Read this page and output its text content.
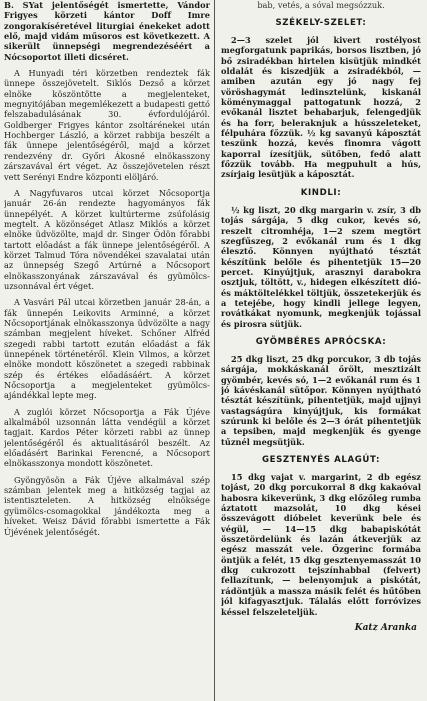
B. SYat jelentőségét ismertette, Vándor Frigyes körzeti kántor Doff Imre zongorakíséretével liturgiai énekeket adott elő, majd vidám műsoros est következett. A sikerült ünnepségi megrendezéséért a Nócsoportot illeti dicséret.

A Hunyadi téri körzetben rendeztek fák ünnepe összejövetelt. Siklós Dezső a körzet elnöke köszöntötte a megjelenteket, megnyitójában megemlékezett a budapesti gettó felszabadulásának 30. évfordulójáról. Goldberger Frigyes kántor zsoltárénekei után Hochberger László, a körzet rabbija beszélt a fák ünnepe jelentőségéről, majd a körzet rendezvény dr. Győri Ákosné elnökasszony zárszavával ért véget. Az összejövetelen részt vett Serényi Endre központi elöljáró.

A Nagyfuvaros utcai körzet Nőcsoportja január 26-án rendezte hagyományos fák ünnepélyét. A körzet kultúrterme zsúfolásig megtelt. A közönséget Atlasz Miklós a körzet elnöke üdvözölte, majd dr. Singer Ödön főrabbi tartott előadást a fák ünnepe jelentőségéről. A körzet Talmud Tóra növendékei szavalatai után az ünnepség Szegő Artúrné a Nőcsoport elnökasszonyának zárszavával és gyümölcs-uzsonnával ért véget.

A Vasvári Pál utcai körzetben január 28-án, a fák ünnepén Leikovits Arminné, a körzet Nőcsoportjának elnökasszonya üdvözölte a nagy számban megjelent híveket. Schőner Alfréd szegedi rabbi tartott ezután előadást a fák ünnepének történetéről. Klein Vilmos, a körzet elnöke mondott köszönetet a szegedi rabbinak szép és értékes előadásáért. A körzet Nőcsoportja a megjelenteket gyümölcs-ajándékkal lepte meg.

A zuglói körzet Nőcsoportja a Fák Újéve alkalmából uzsonnán látta vendégül a körzet tagjait. Kardos Péter körzeti rabbi az ünnep jelentőségéről és aktualitásáról beszélt. Az előadásért Barinkai Ferencné, a Nőcsoport elnökasszonya mondott köszönetet.

Gyöngyösön a Fák Újéve alkalmával szép számban jelentek meg a hitközség tagjai az istentiszteleten. A hitközség elnöksége gyümölcs-csomagokkal jándékozta meg a híveket. Weisz Dávid főrabbi ismertette a Fák Újévének jelentőségét.

bab, vetés, a sóval megsózzuk.
SZÉKELY-SZELET:

2—3 szelet jól kivert rostélyost megforgatunk paprikás, borsos lisztben, jó bő zsiradékban hirtelen kisütjük mindkét oldalát és kiszedjük a zsiradékból, — amiben azután egy jó nagy fej vöröshagymát ledinsztelünk, kiskanál köménymaggal pattogatunk hozzá, 2 evőkanál lisztet behabarjuk, felengedjük és ha forr, beleraknjuk a hússzeleteket, félpuhára főzzük. ½ kg savanyú káposztát teszünk hozzá, kevés finomra vágott kaporral ízesítjük, sütőben, fedő alatt főzzük tovább. Ha megpuhult a hús, zsírjaig lesütjük a káposztát.

KINDLI:

½ kg liszt, 20 dkg margarin v. zsír, 3 db tojás sárgája, 5 dkg cukor, kevés só, reszelt citromhéja, 1—2 szem megtört szegfűszeg, 2 evőkanál rum és 1 dkg élesztő. Könnyen nyújtható tésztát készítünk belőle és pihentetjük 15—20 percet. Kinyújtjuk, arasznyi darabokra osztjuk, töltött, v., hidegen elkészített dió- és máktöltelékkel töltjük, összetekerjük és a tetejébe, hogy kindli jellege legyen, rovátkákat nyomunk, megkenjük tojással és pirosra sütjük.

GYÖMBÉRES APRÓCSKA:

25 dkg liszt, 25 dkg porcukor, 3 db tojás sárgája, mokkáskanál őrölt, mesztizált gyömbér, kevés só, 1—2 evőkanál rum és 1 jó kávéskanál sütőpor. Könnyen nyújtható tésztát készítünk, pihentetjük, majd ujjnyi vastagságúra kinyújtjuk, kis formákat szúrunk ki belőle és 2—3 órát pihentetjük a tepsiben, majd megkenjük és gyenge tűznél megsütjük.

GESZTENYÉS ALAGÚT:

15 dkg vajat v. margarint, 2 db egész tojást, 20 dkg porcukorral 8 dkg kakaóval habosra kikeverünk, 3 dkg előzőleg rumba áztatott mazsolát, 10 dkg kései összevágott dióbelet keverünk bele és végül, — 14—15 dkg babapiskótát összetördelünk és lazán átkeverjük az egész masszát vele. Őzgerinc formába öntjük a felét, 15 dkg gesztenyemasszát 10 dkg cukrozott tejszínhabbal (felvert) fellazítunk, — belenyomjuk a piskótát, rádöntjük a massza másik felét és hűtőben jól kifagyasztjuk. Tálalás előtt forróvizes késsel felszeleteljük.

Katz Aranka
